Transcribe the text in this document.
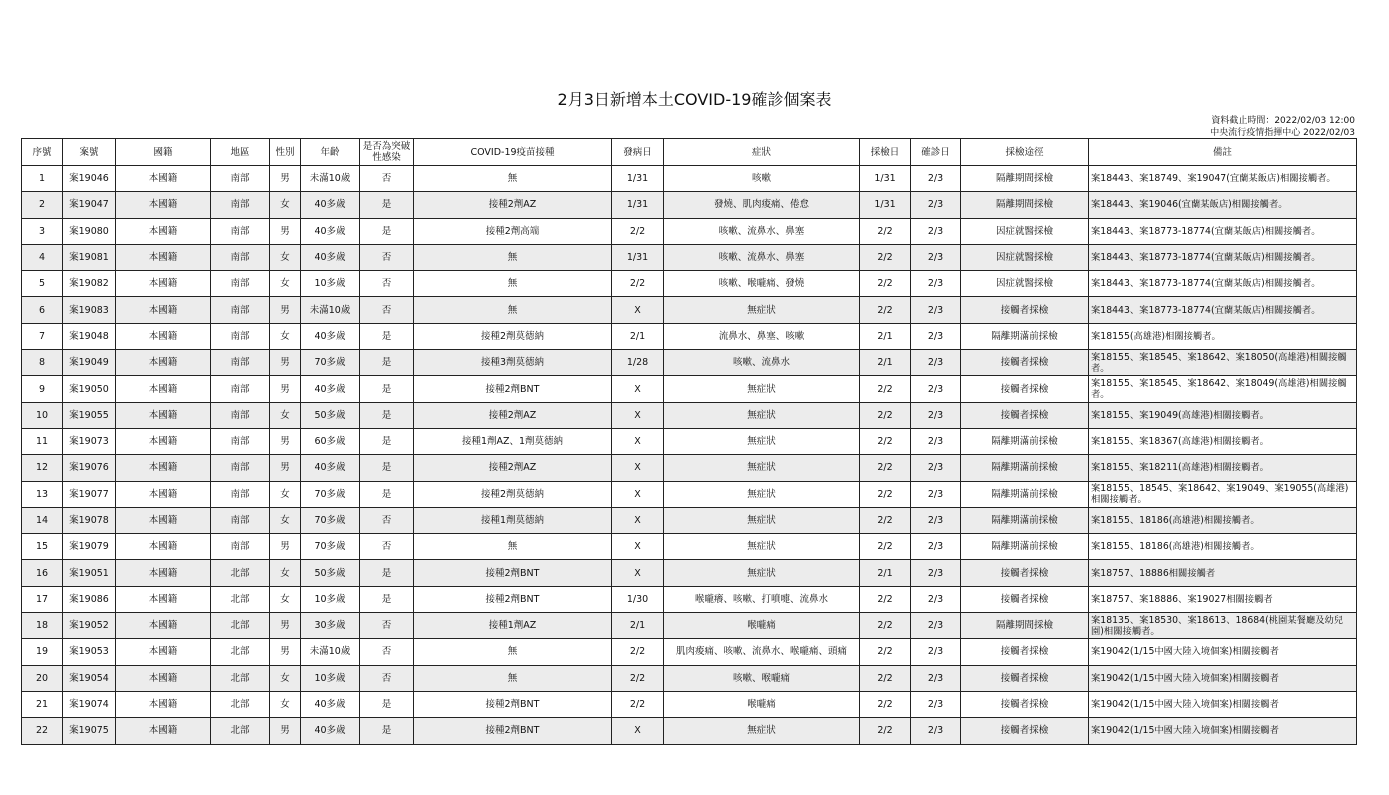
2月3日新增本土COVID-19確診個案表
資料截止時間：2022/02/03 12:00
中央流行疫情指揮中心 2022/02/03
序號	案號	國籍	地區	性別	年齡	是否為突破性感染	COVID-19疫苗接種	發病日	症狀	採檢日	確診日	採檢途徑	備註
1	案19046	本國籍	南部	男	未滿10歲	否	無	1/31	咳嗽	1/31	2/3	隔離期間採檢	案18443、案18749、案19047(宜蘭某飯店)相關接觸者。
2	案19047	本國籍	南部	女	40多歲	是	接種2劑AZ	1/31	發燒、肌肉痠痛、倦怠	1/31	2/3	隔離期間採檢	案18443、案19046(宜蘭某飯店)相關接觸者。
3	案19080	本國籍	南部	男	40多歲	是	接種2劑高端	2/2	咳嗽、流鼻水、鼻塞	2/2	2/3	因症就醫採檢	案18443、案18773-18774(宜蘭某飯店)相關接觸者。
4	案19081	本國籍	南部	女	40多歲	否	無	1/31	咳嗽、流鼻水、鼻塞	2/2	2/3	因症就醫採檢	案18443、案18773-18774(宜蘭某飯店)相關接觸者。
5	案19082	本國籍	南部	女	10多歲	否	無	2/2	咳嗽、喉嚨痛、發燒	2/2	2/3	因症就醫採檢	案18443、案18773-18774(宜蘭某飯店)相關接觸者。
6	案19083	本國籍	南部	男	未滿10歲	否	無	X	無症狀	2/2	2/3	接觸者採檢	案18443、案18773-18774(宜蘭某飯店)相關接觸者。
7	案19048	本國籍	南部	女	40多歲	是	接種2劑莫德納	2/1	流鼻水、鼻塞、咳嗽	2/1	2/3	隔離期滿前採檢	案18155(高雄港)相關接觸者。
8	案19049	本國籍	南部	男	70多歲	是	接種3劑莫德納	1/28	咳嗽、流鼻水	2/1	2/3	接觸者採檢	案18155、案18545、案18642、案18050(高雄港)相關接觸者。
9	案19050	本國籍	南部	男	40多歲	是	接種2劑BNT	X	無症狀	2/2	2/3	接觸者採檢	案18155、案18545、案18642、案18049(高雄港)相關接觸者。
10	案19055	本國籍	南部	女	50多歲	是	接種2劑AZ	X	無症狀	2/2	2/3	接觸者採檢	案18155、案19049(高雄港)相關接觸者。
11	案19073	本國籍	南部	男	60多歲	是	接種1劑AZ、1劑莫德納	X	無症狀	2/2	2/3	隔離期滿前採檢	案18155、案18367(高雄港)相關接觸者。
12	案19076	本國籍	南部	男	40多歲	是	接種2劑AZ	X	無症狀	2/2	2/3	隔離期滿前採檢	案18155、案18211(高雄港)相關接觸者。
13	案19077	本國籍	南部	女	70多歲	是	接種2劑莫德納	X	無症狀	2/2	2/3	隔離期滿前採檢	案18155、18545、案18642、案19049、案19055(高雄港)相關接觸者。
14	案19078	本國籍	南部	女	70多歲	否	接種1劑莫德納	X	無症狀	2/2	2/3	隔離期滿前採檢	案18155、18186(高雄港)相關接觸者。
15	案19079	本國籍	南部	男	70多歲	否	無	X	無症狀	2/2	2/3	隔離期滿前採檢	案18155、18186(高雄港)相關接觸者。
16	案19051	本國籍	北部	女	50多歲	是	接種2劑BNT	X	無症狀	2/1	2/3	接觸者採檢	案18757、18886相關接觸者
17	案19086	本國籍	北部	女	10多歲	是	接種2劑BNT	1/30	喉嚨癢、咳嗽、打噴嚏、流鼻水	2/2	2/3	接觸者採檢	案18757、案18886、案19027相關接觸者
18	案19052	本國籍	北部	男	30多歲	否	接種1劑AZ	2/1	喉嚨痛	2/2	2/3	隔離期間採檢	案18135、案18530、案18613、18684(桃園某餐廳及幼兒園)相關接觸者。
19	案19053	本國籍	北部	男	未滿10歲	否	無	2/2	肌肉痠痛、咳嗽、流鼻水、喉嚨痛、頭痛	2/2	2/3	接觸者採檢	案19042(1/15中國大陸入境個案)相關接觸者
20	案19054	本國籍	北部	女	10多歲	否	無	2/2	咳嗽、喉嚨痛	2/2	2/3	接觸者採檢	案19042(1/15中國大陸入境個案)相關接觸者
21	案19074	本國籍	北部	女	40多歲	是	接種2劑BNT	2/2	喉嚨痛	2/2	2/3	接觸者採檢	案19042(1/15中國大陸入境個案)相關接觸者
22	案19075	本國籍	北部	男	40多歲	是	接種2劑BNT	X	無症狀	2/2	2/3	接觸者採檢	案19042(1/15中國大陸入境個案)相關接觸者
